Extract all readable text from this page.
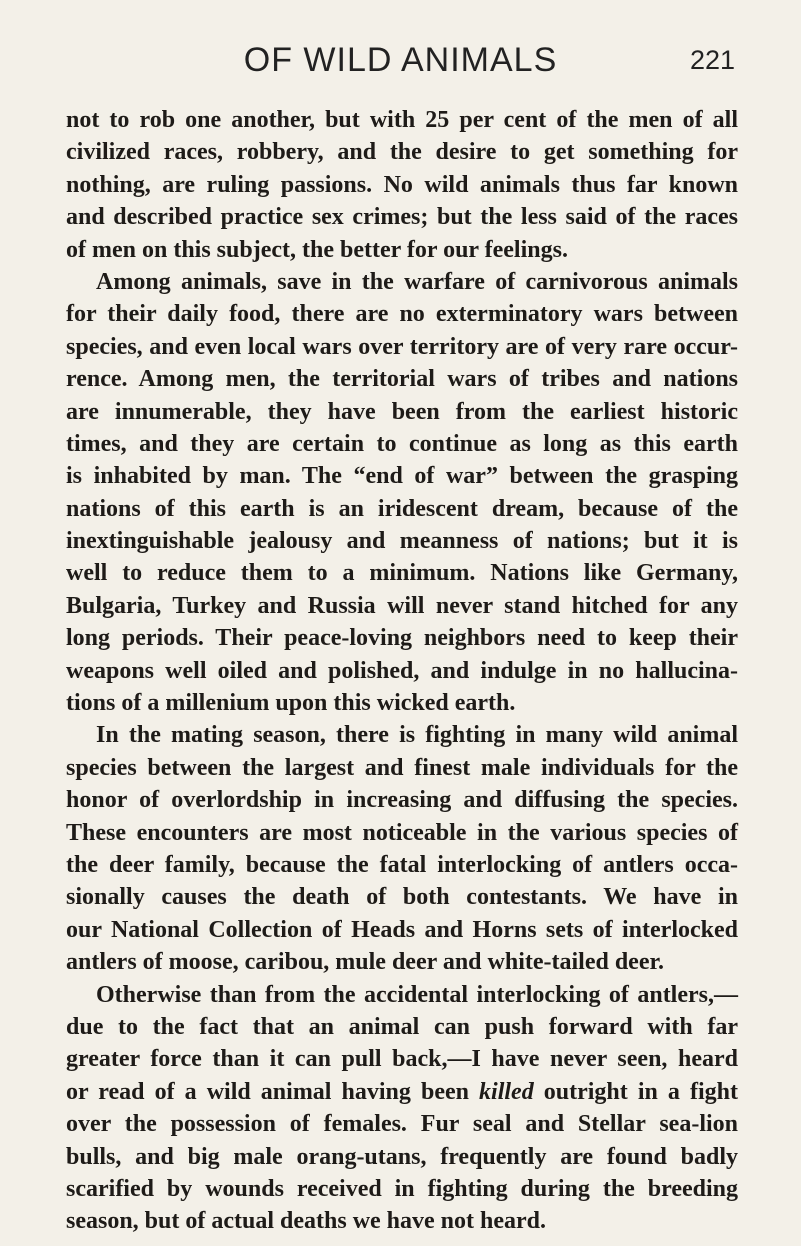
OF WILD ANIMALS	221
not to rob one another, but with 25 per cent of the men of all
civilized races, robbery, and the desire to get something for
nothing, are ruling passions. No wild animals thus far known
and described practice sex crimes; but the less said of the races
of men on this subject, the better for our feelings.
Among animals, save in the warfare of carnivorous animals
for their daily food, there are no exterminatory wars between
species, and even local wars over territory are of very rare occur-
rence. Among men, the territorial wars of tribes and nations
are innumerable, they have been from the earliest historic
times, and they are certain to continue as long as this earth
is inhabited by man. The “end of war” between the grasping
nations of this earth is an iridescent dream, because of the
inextinguishable jealousy and meanness of nations; but it is
well to reduce them to a minimum. Nations like Germany,
Bulgaria, Turkey and Russia will never stand hitched for any
long periods. Their peace-loving neighbors need to keep their
weapons well oiled and polished, and indulge in no hallucina-
tions of a millenium upon this wicked earth.
In the mating season, there is fighting in many wild animal
species between the largest and finest male individuals for the
honor of overlordship in increasing and diffusing the species.
These encounters are most noticeable in the various species of
the deer family, because the fatal interlocking of antlers occa-
sionally causes the death of both contestants. We have in
our National Collection of Heads and Horns sets of interlocked
antlers of moose, caribou, mule deer and white-tailed deer.
Otherwise than from the accidental interlocking of antlers,—
due to the fact that an animal can push forward with far
greater force than it can pull back,—I have never seen, heard
or read of a wild animal having been killed outright in a fight
over the possession of females. Fur seal and Stellar sea-lion
bulls, and big male orang-utans, frequently are found badly
scarified by wounds received in fighting during the breeding
season, but of actual deaths we have not heard.
